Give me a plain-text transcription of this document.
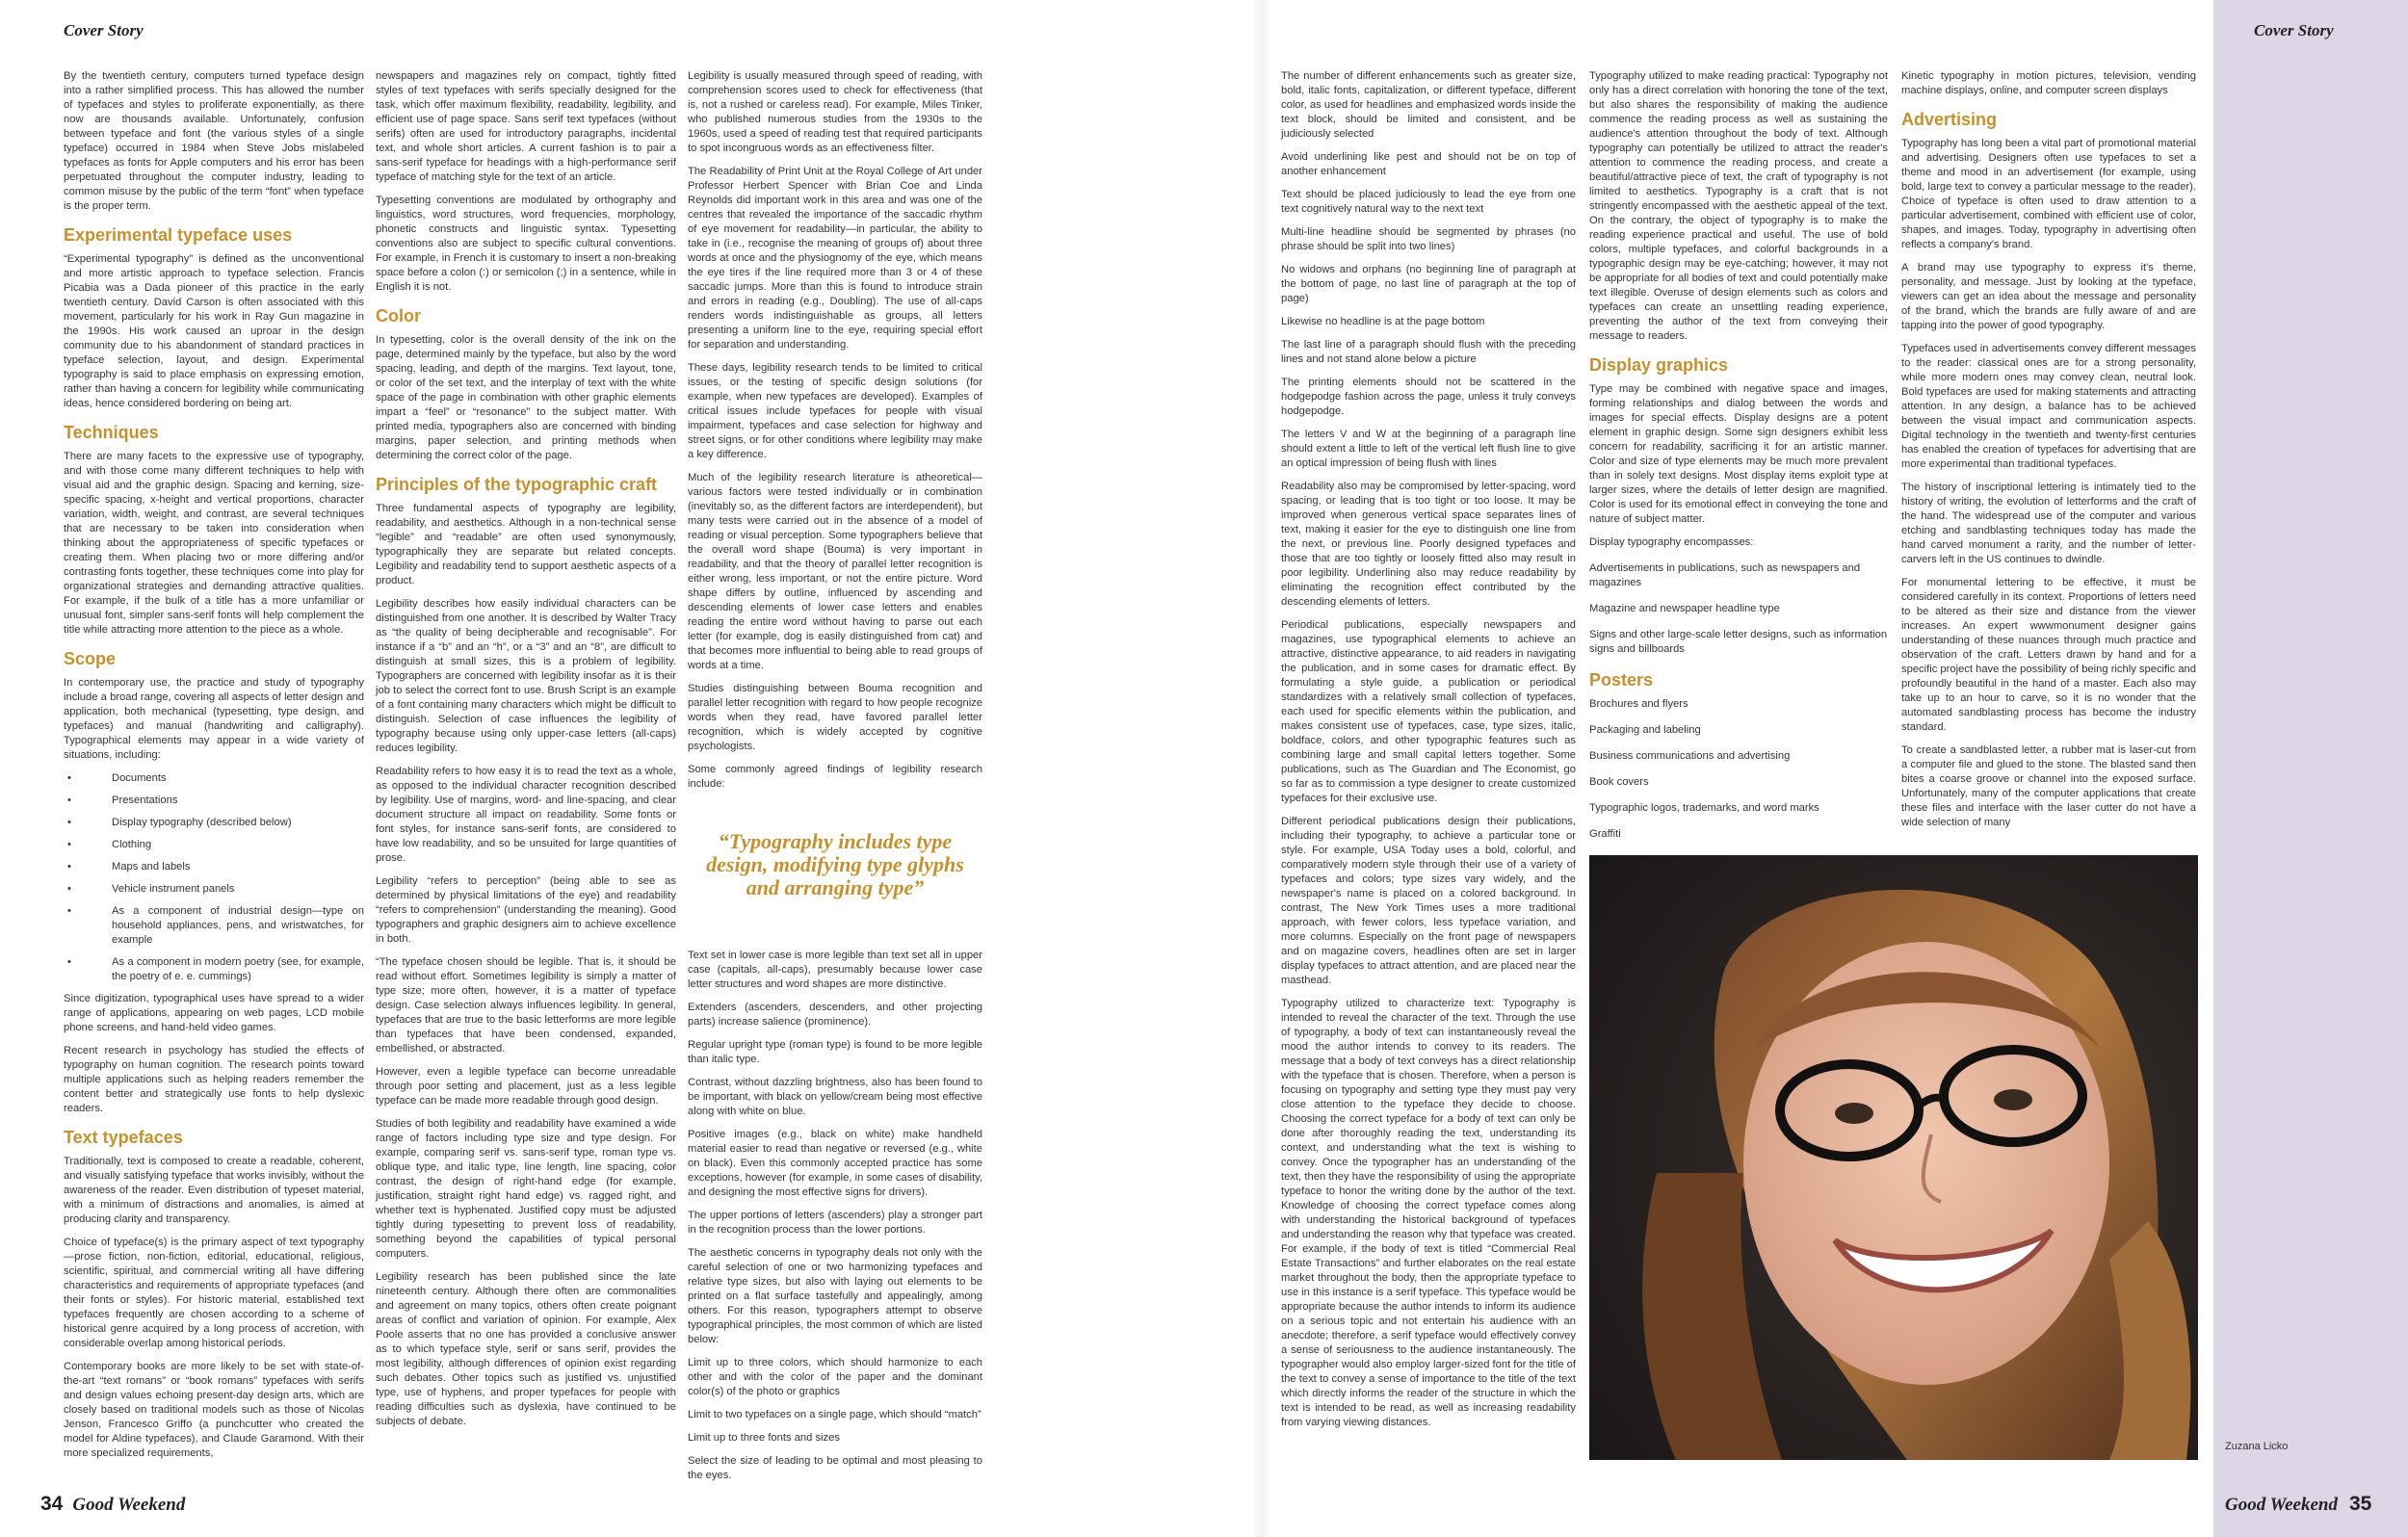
Cover Story

By the twentieth century, computers turned typeface design into a rather simplified process. This has allowed the number of typefaces and styles to proliferate exponentially, as there now are thousands available. Unfortunately, confusion between typeface and font (the various styles of a single typeface) occurred in 1984 when Steve Jobs mislabeled typefaces as fonts for Apple computers and his error has been perpetuated throughout the computer industry, leading to common misuse by the public of the term “font” when typeface is the proper term.

Experimental typeface uses

“Experimental typography” is defined as the unconventional and more artistic approach to typeface selection. Francis Picabia was a Dada pioneer of this practice in the early twentieth century. David Carson is often associated with this movement, particularly for his work in Ray Gun magazine in the 1990s. His work caused an uproar in the design community due to his abandonment of standard practices in typeface selection, layout, and design. Experimental typography is said to place emphasis on expressing emotion, rather than having a concern for legibility while communicating ideas, hence considered bordering on being art.

Techniques

There are many facets to the expressive use of typography, and with those come many different techniques to help with visual aid and the graphic design. Spacing and kerning, size-specific spacing, x-height and vertical proportions, character variation, width, weight, and contrast, are several techniques that are necessary to be taken into consideration when thinking about the appropriateness of specific typefaces or creating them. When placing two or more differing and/or contrasting fonts together, these techniques come into play for organizational strategies and demanding attractive qualities. For example, if the bulk of a title has a more unfamiliar or unusual font, simpler sans-serif fonts will help complement the title while attracting more attention to the piece as a whole.

Scope

In contemporary use, the practice and study of typography include a broad range, covering all aspects of letter design and application, both mechanical (typesetting, type design, and typefaces) and manual (handwriting and calligraphy). Typographical elements may appear in a wide variety of situations, including:

• Documents
• Presentations
• Display typography (described below)
• Clothing
• Maps and labels
• Vehicle instrument panels
• As a component of industrial design—type on household appliances, pens, and wristwatches, for example
• As a component in modern poetry (see, for example, the poetry of e. e. cummings)

Since digitization, typographical uses have spread to a wider range of applications, appearing on web pages, LCD mobile phone screens, and hand-held video games.

Recent research in psychology has studied the effects of typography on human cognition. The research points toward multiple applications such as helping readers remember the content better and strategically use fonts to help dyslexic readers.

Text typefaces

Traditionally, text is composed to create a readable, coherent, and visually satisfying typeface that works invisibly, without the awareness of the reader. Even distribution of typeset material, with a minimum of distractions and anomalies, is aimed at producing clarity and transparency.

Choice of typeface(s) is the primary aspect of text typography—prose fiction, non-fiction, editorial, educational, religious, scientific, spiritual, and commercial writing all have differing characteristics and requirements of appropriate typefaces (and their fonts or styles). For historic material, established text typefaces frequently are chosen according to a scheme of historical genre acquired by a long process of accretion, with considerable overlap among historical periods.

Contemporary books are more likely to be set with state-of-the-art “text romans” or “book romans” typefaces with serifs and design values echoing present-day design arts, which are closely based on traditional models such as those of Nicolas Jenson, Francesco Griffo (a punchcutter who created the model for Aldine typefaces), and Claude Garamond. With their more specialized requirements,

newspapers and magazines rely on compact, tightly fitted styles of text typefaces with serifs specially designed for the task, which offer maximum flexibility, readability, legibility, and efficient use of page space. Sans serif text typefaces (without serifs) often are used for introductory paragraphs, incidental text, and whole short articles. A current fashion is to pair a sans-serif typeface for headings with a high-performance serif typeface of matching style for the text of an article.

Typesetting conventions are modulated by orthography and linguistics, word structures, word frequencies, morphology, phonetic constructs and linguistic syntax. Typesetting conventions also are subject to specific cultural conventions. For example, in French it is customary to insert a non-breaking space before a colon (:) or semicolon (;) in a sentence, while in English it is not.

Color

In typesetting, color is the overall density of the ink on the page, determined mainly by the typeface, but also by the word spacing, leading, and depth of the margins. Text layout, tone, or color of the set text, and the interplay of text with the white space of the page in combination with other graphic elements impart a “feel” or “resonance” to the subject matter. With printed media, typographers also are concerned with binding margins, paper selection, and printing methods when determining the correct color of the page.

Principles of the typographic craft

Three fundamental aspects of typography are legibility, readability, and aesthetics. Although in a non-technical sense “legible” and “readable” are often used synonymously, typographically they are separate but related concepts. Legibility and readability tend to support aesthetic aspects of a product.

Legibility describes how easily individual characters can be distinguished from one another. It is described by Walter Tracy as “the quality of being decipherable and recognisable”. For instance if a “b” and an “h”, or a “3” and an “8”, are difficult to distinguish at small sizes, this is a problem of legibility. Typographers are concerned with legibility insofar as it is their job to select the correct font to use. Brush Script is an example of a font containing many characters which might be difficult to distinguish. Selection of case influences the legibility of typography because using only upper-case letters (all-caps) reduces legibility.

Readability refers to how easy it is to read the text as a whole, as opposed to the individual character recognition described by legibility. Use of margins, word- and line-spacing, and clear document structure all impact on readability. Some fonts or font styles, for instance sans-serif fonts, are considered to have low readability, and so be unsuited for large quantities of prose.

Legibility “refers to perception” (being able to see as determined by physical limitations of the eye) and readability “refers to comprehension” (understanding the meaning). Good typographers and graphic designers aim to achieve excellence in both.

“The typeface chosen should be legible. That is, it should be read without effort. Sometimes legibility is simply a matter of type size; more often, however, it is a matter of typeface design. Case selection always influences legibility. In general, typefaces that are true to the basic letterforms are more legible than typefaces that have been condensed, expanded, embellished, or abstracted.

However, even a legible typeface can become unreadable through poor setting and placement, just as a less legible typeface can be made more readable through good design.

Studies of both legibility and readability have examined a wide range of factors including type size and type design. For example, comparing serif vs. sans-serif type, roman type vs. oblique type, and italic type, line length, line spacing, color contrast, the design of right-hand edge (for example, justification, straight right hand edge) vs. ragged right, and whether text is hyphenated. Justified copy must be adjusted tightly during typesetting to prevent loss of readability, something beyond the capabilities of typical personal computers.

Legibility research has been published since the late nineteenth century. Although there often are commonalities and agreement on many topics, others often create poignant areas of conflict and variation of opinion. For example, Alex Poole asserts that no one has provided a conclusive answer as to which typeface style, serif or sans serif, provides the most legibility, although differences of opinion exist regarding such debates. Other topics such as justified vs. unjustified type, use of hyphens, and proper typefaces for people with reading difficulties such as dyslexia, have continued to be subjects of debate.

Legibility is usually measured through speed of reading, with comprehension scores used to check for effectiveness (that is, not a rushed or careless read). For example, Miles Tinker, who published numerous studies from the 1930s to the 1960s, used a speed of reading test that required participants to spot incongruous words as an effectiveness filter.

The Readability of Print Unit at the Royal College of Art under Professor Herbert Spencer with Brian Coe and Linda Reynolds did important work in this area and was one of the centres that revealed the importance of the saccadic rhythm of eye movement for readability—in particular, the ability to take in (i.e., recognise the meaning of groups of) about three words at once and the physiognomy of the eye, which means the eye tires if the line required more than 3 or 4 of these saccadic jumps. More than this is found to introduce strain and errors in reading (e.g., Doubling). The use of all-caps renders words indistinguishable as groups, all letters presenting a uniform line to the eye, requiring special effort for separation and understanding.

These days, legibility research tends to be limited to critical issues, or the testing of specific design solutions (for example, when new typefaces are developed). Examples of critical issues include typefaces for people with visual impairment, typefaces and case selection for highway and street signs, or for other conditions where legibility may make a key difference.

Much of the legibility research literature is atheoretical—various factors were tested individually or in combination (inevitably so, as the different factors are interdependent), but many tests were carried out in the absence of a model of reading or visual perception. Some typographers believe that the overall word shape (Bouma) is very important in readability, and that the theory of parallel letter recognition is either wrong, less important, or not the entire picture. Word shape differs by outline, influenced by ascending and descending elements of lower case letters and enables reading the entire word without having to parse out each letter (for example, dog is easily distinguished from cat) and that becomes more influential to being able to read groups of words at a time.

Studies distinguishing between Bouma recognition and parallel letter recognition with regard to how people recognize words when they read, have favored parallel letter recognition, which is widely accepted by cognitive psychologists.

Some commonly agreed findings of legibility research include:

“Typography includes type design, modifying type glyphs and arranging type”

Text set in lower case is more legible than text set all in upper case (capitals, all-caps), presumably because lower case letter structures and word shapes are more distinctive.

Extenders (ascenders, descenders, and other projecting parts) increase salience (prominence).

Regular upright type (roman type) is found to be more legible than italic type.

Contrast, without dazzling brightness, also has been found to be important, with black on yellow/cream being most effective along with white on blue.

Positive images (e.g., black on white) make handheld material easier to read than negative or reversed (e.g., white on black). Even this commonly accepted practice has some exceptions, however (for example, in some cases of disability, and designing the most effective signs for drivers).

The upper portions of letters (ascenders) play a stronger part in the recognition process than the lower portions.

The aesthetic concerns in typography deals not only with the careful selection of one or two harmonizing typefaces and relative type sizes, but also with laying out elements to be printed on a flat surface tastefully and appealingly, among others. For this reason, typographers attempt to observe typographical principles, the most common of which are listed below:

Limit up to three colors, which should harmonize to each other and with the color of the paper and the dominant color(s) of the photo or graphics

Limit to two typefaces on a single page, which should “match”

Limit up to three fonts and sizes

Select the size of leading to be optimal and most pleasing to the eyes.

34 Good Weekend
Cover Story

The number of different enhancements such as greater size, bold, italic fonts, capitalization, or different typeface, different color, as used for headlines and emphasized words inside the text block, should be limited and consistent, and be judiciously selected

Avoid underlining like pest and should not be on top of another enhancement

Text should be placed judiciously to lead the eye from one text cognitively natural way to the next text

Multi-line headline should be segmented by phrases (no phrase should be split into two lines)

No widows and orphans (no beginning line of paragraph at the bottom of page, no last line of paragraph at the top of page)

Likewise no headline is at the page bottom

The last line of a paragraph should flush with the preceding lines and not stand alone below a picture

The printing elements should not be scattered in the hodgepodge fashion across the page, unless it truly conveys hodgepodge.

The letters V and W at the beginning of a paragraph line should extent a little to left of the vertical left flush line to give an optical impression of being flush with lines

Readability also may be compromised by letter-spacing, word spacing, or leading that is too tight or too loose. It may be improved when generous vertical space separates lines of text, making it easier for the eye to distinguish one line from the next, or previous line. Poorly designed typefaces and those that are too tightly or loosely fitted also may result in poor legibility. Underlining also may reduce readability by eliminating the recognition effect contributed by the descending elements of letters.

Periodical publications, especially newspapers and magazines, use typographical elements to achieve an attractive, distinctive appearance, to aid readers in navigating the publication, and in some cases for dramatic effect. By formulating a style guide, a publication or periodical standardizes with a relatively small collection of typefaces, each used for specific elements within the publication, and makes consistent use of typefaces, case, type sizes, italic, boldface, colors, and other typographic features such as combining large and small capital letters together. Some publications, such as The Guardian and The Economist, go so far as to commission a type designer to create customized typefaces for their exclusive use.

Different periodical publications design their publications, including their typography, to achieve a particular tone or style. For example, USA Today uses a bold, colorful, and comparatively modern style through their use of a variety of typefaces and colors; type sizes vary widely, and the newspaper's name is placed on a colored background. In contrast, The New York Times uses a more traditional approach, with fewer colors, less typeface variation, and more columns. Especially on the front page of newspapers and on magazine covers, headlines often are set in larger display typefaces to attract attention, and are placed near the masthead.

Typography utilized to characterize text: Typography is intended to reveal the character of the text. Through the use of typography, a body of text can instantaneously reveal the mood the author intends to convey to its readers. The message that a body of text conveys has a direct relationship with the typeface that is chosen. Therefore, when a person is focusing on typography and setting type they must pay very close attention to the typeface they decide to choose. Choosing the correct typeface for a body of text can only be done after thoroughly reading the text, understanding its context, and understanding what the text is wishing to convey. Once the typographer has an understanding of the text, then they have the responsibility of using the appropriate typeface to honor the writing done by the author of the text. Knowledge of choosing the correct typeface comes along with understanding the historical background of typefaces and understanding the reason why that typeface was created. For example, if the body of text is titled “Commercial Real Estate Transactions” and further elaborates on the real estate market throughout the body, then the appropriate typeface to use in this instance is a serif typeface. This typeface would be appropriate because the author intends to inform its audience on a serious topic and not entertain his audience with an anecdote; therefore, a serif typeface would effectively convey a sense of seriousness to the audience instantaneously. The typographer would also employ larger-sized font for the title of the text to convey a sense of importance to the title of the text which directly informs the reader of the structure in which the text is intended to be read, as well as increasing readability from varying viewing distances.

Typography utilized to make reading practical: Typography not only has a direct correlation with honoring the tone of the text, but also shares the responsibility of making the audience commence the reading process as well as sustaining the audience's attention throughout the body of text. Although typography can potentially be utilized to attract the reader's attention to commence the reading process, and create a beautiful/attractive piece of text, the craft of typography is not limited to aesthetics. Typography is a craft that is not stringently encompassed with the aesthetic appeal of the text. On the contrary, the object of typography is to make the reading experience practical and useful. The use of bold colors, multiple typefaces, and colorful backgrounds in a typographic design may be eye-catching; however, it may not be appropriate for all bodies of text and could potentially make text illegible. Overuse of design elements such as colors and typefaces can create an unsettling reading experience, preventing the author of the text from conveying their message to readers.

Display graphics

Type may be combined with negative space and images, forming relationships and dialog between the words and images for special effects. Display designs are a potent element in graphic design. Some sign designers exhibit less concern for readability, sacrificing it for an artistic manner. Color and size of type elements may be much more prevalent than in solely text designs. Most display items exploit type at larger sizes, where the details of letter design are magnified. Color is used for its emotional effect in conveying the tone and nature of subject matter.

Display typography encompasses:

Advertisements in publications, such as newspapers and magazines

Magazine and newspaper headline type

Signs and other large-scale letter designs, such as information signs and billboards

Posters

Brochures and flyers

Packaging and labeling

Business communications and advertising

Book covers

Typographic logos, trademarks, and word marks

Graffiti

Kinetic typography in motion pictures, television, vending machine displays, online, and computer screen displays

Advertising

Typography has long been a vital part of promotional material and advertising. Designers often use typefaces to set a theme and mood in an advertisement (for example, using bold, large text to convey a particular message to the reader). Choice of typeface is often used to draw attention to a particular advertisement, combined with efficient use of color, shapes, and images. Today, typography in advertising often reflects a company's brand.

A brand may use typography to express it's theme, personality, and message. Just by looking at the typeface, viewers can get an idea about the message and personality of the brand, which the brands are fully aware of and are tapping into the power of good typography.

Typefaces used in advertisements convey different messages to the reader: classical ones are for a strong personality, while more modern ones may convey clean, neutral look. Bold typefaces are used for making statements and attracting attention. In any design, a balance has to be achieved between the visual impact and communication aspects. Digital technology in the twentieth and twenty-first centuries has enabled the creation of typefaces for advertising that are more experimental than traditional typefaces.

The history of inscriptional lettering is intimately tied to the history of writing, the evolution of letterforms and the craft of the hand. The widespread use of the computer and various etching and sandblasting techniques today has made the hand carved monument a rarity, and the number of letter-carvers left in the US continues to dwindle.

For monumental lettering to be effective, it must be considered carefully in its context. Proportions of letters need to be altered as their size and distance from the viewer increases. An expert wwwmonument designer gains understanding of these nuances through much practice and observation of the craft. Letters drawn by hand and for a specific project have the possibility of being richly specific and profoundly beautiful in the hand of a master. Each also may take up to an hour to carve, so it is no wonder that the automated sandblasting process has become the industry standard.

To create a sandblasted letter, a rubber mat is laser-cut from a computer file and glued to the stone. The blasted sand then bites a coarse groove or channel into the exposed surface. Unfortunately, many of the computer applications that create these files and interface with the laser cutter do not have a wide selection of many

Good Weekend 35
Zuzana Licko
